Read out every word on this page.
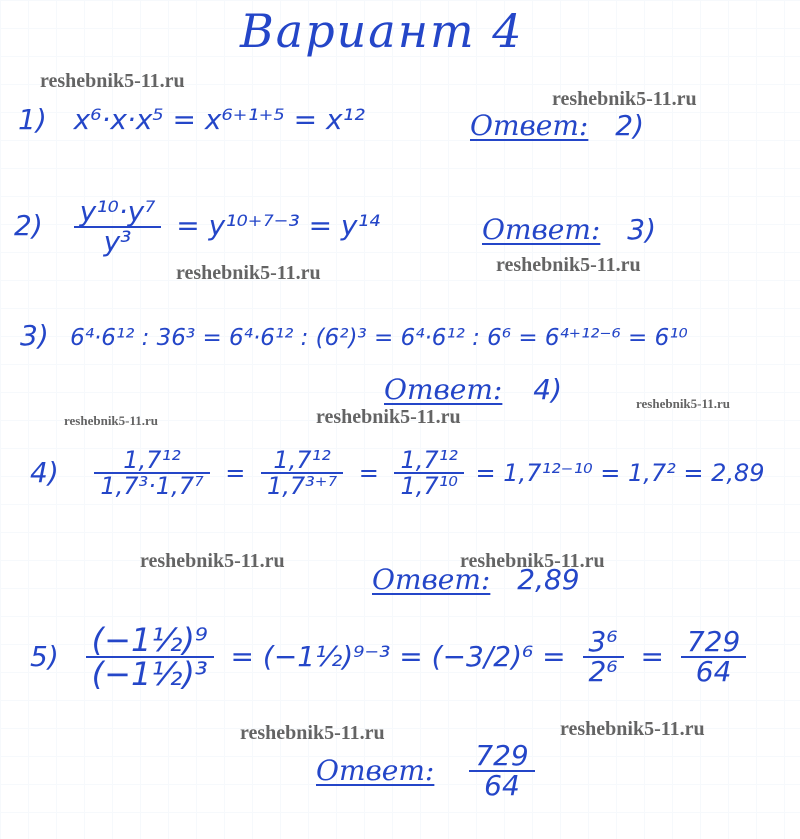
Вариант 4
reshebnik5-11.ru
reshebnik5-11.ru
reshebnik5-11.ru	reshebnik5-11.ru
reshebnik5-11.ru	reshebnik5-11.ru
reshebnik5-11.ru
reshebnik5-11.ru	reshebnik5-11.ru
reshebnik5-11.ru
reshebnik5-11.ru
1) x⁶·x·x⁵ = x⁶⁺¹⁺⁵ = x¹²	Ответ: 2)
$2) \frac{\text{y¹⁰·y⁷}}{\text{y³}} = y^{10+7-3} = y^{14}$	Ответ: 3)
3) 6⁴·6¹² : 36³ = 6⁴·6¹² : (6²)³ = 6⁴·6¹² : 6⁶ = 6⁴⁺¹²⁻⁶ = 6¹⁰
Ответ: 4)
$4) \frac{\text{1,7¹²}}{\text{1,7³·1,7⁷}} = \frac{\text{1,7¹²}}{\text{1,7³⁺⁷}} = \frac{\text{1,7¹²}}{\text{1,7¹⁰}} = 1,7^{12-10} = 1,7^2 = 2,89$
Ответ: 2,89
$5) \frac{\text{(−1½)⁹}}{\text{(−1½)³}}$ = (−1½)⁹⁻³ = $(-3/2)^6 = \frac{\text{3⁶}}{\text{2⁶}} = \frac{729}{64}$
Ответ: $\frac{729}{64}$
